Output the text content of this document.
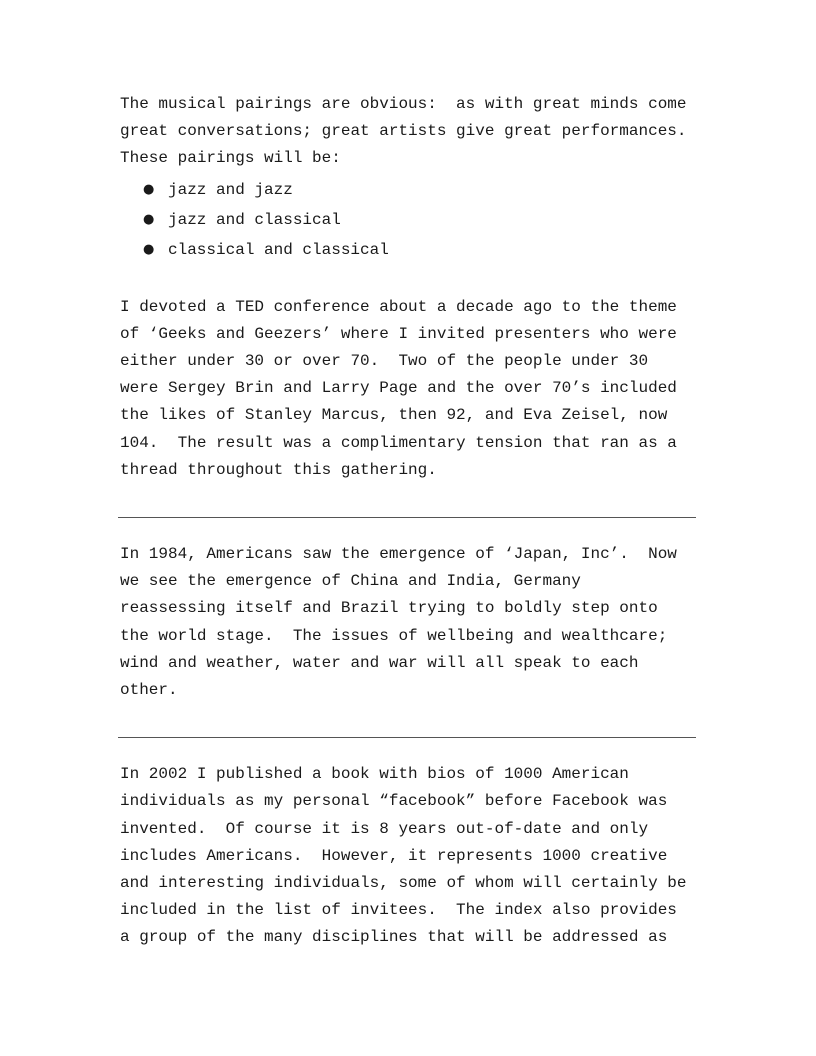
The musical pairings are obvious:  as with great minds come
great conversations; great artists give great performances.
These pairings will be:

● jazz and jazz
● jazz and classical
● classical and classical

I devoted a TED conference about a decade ago to the theme
of ‘Geeks and Geezers’ where I invited presenters who were
either under 30 or over 70.  Two of the people under 30
were Sergey Brin and Larry Page and the over 70’s included
the likes of Stanley Marcus, then 92, and Eva Zeisel, now
104.  The result was a complimentary tension that ran as a
thread throughout this gathering.

In 1984, Americans saw the emergence of ‘Japan, Inc’.  Now
we see the emergence of China and India, Germany
reassessing itself and Brazil trying to boldly step onto
the world stage.  The issues of wellbeing and wealthcare;
wind and weather, water and war will all speak to each
other.

In 2002 I published a book with bios of 1000 American
individuals as my personal “facebook” before Facebook was
invented.  Of course it is 8 years out-of-date and only
includes Americans.  However, it represents 1000 creative
and interesting individuals, some of whom will certainly be
included in the list of invitees.  The index also provides
a group of the many disciplines that will be addressed as
